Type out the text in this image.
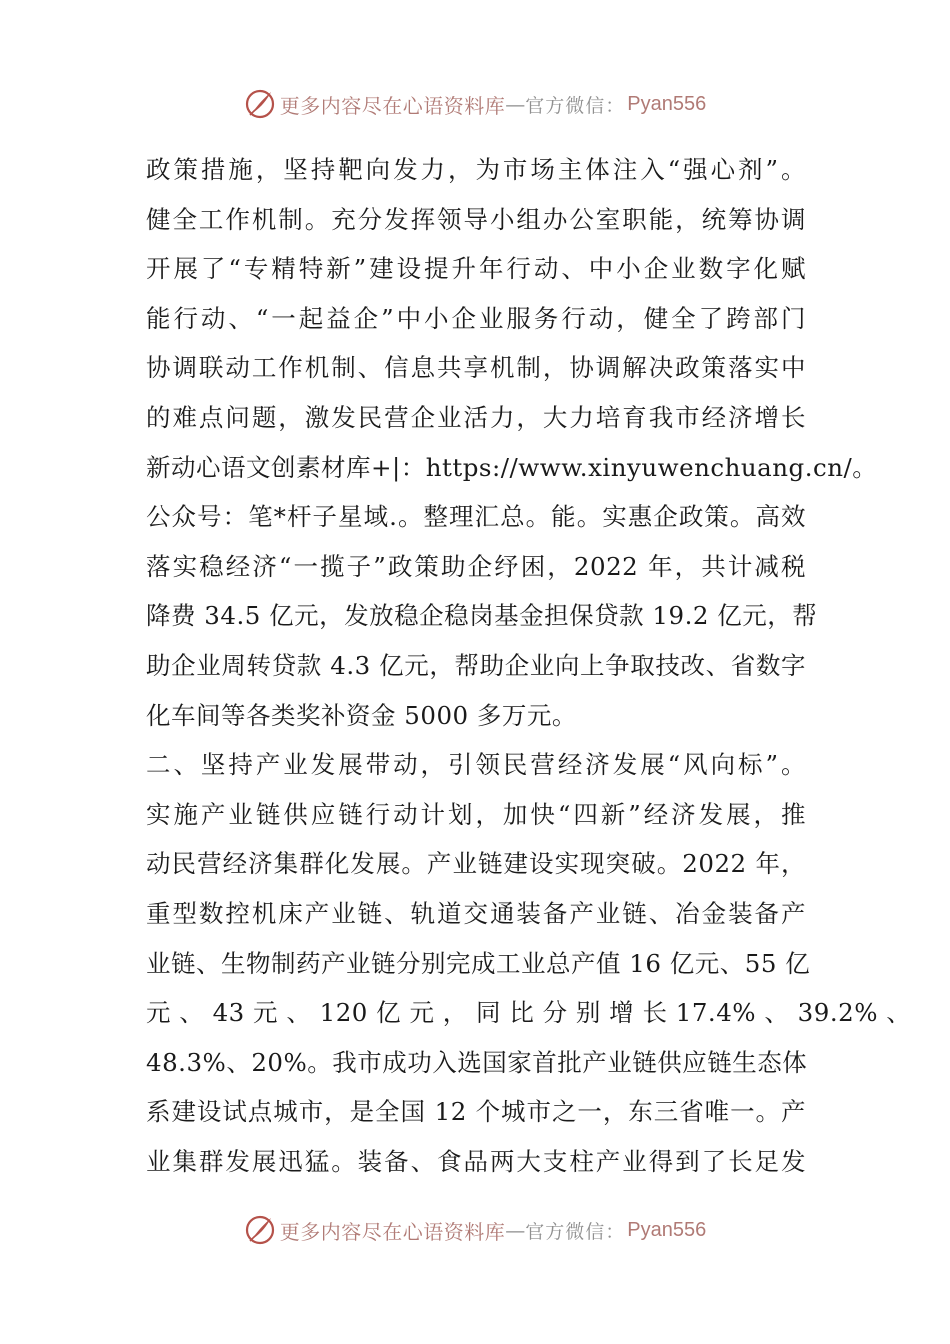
更多内容尽在心语资料库 — 官方微信： Pyan556
政策措施，坚持靶向发力，为市场主体注入“强心剂”。
健全工作机制。充分发挥领导小组办公室职能，统筹协调
开展了“专精特新”建设提升年行动、中小企业数字化赋
能行动、“一起益企”中小企业服务行动，健全了跨部门
协调联动工作机制、信息共享机制，协调解决政策落实中
的难点问题，激发民营企业活力，大力培育我市经济增长
新动心语文创素材库+|：https://www.xinyuwenchuang.cn/。
公众号：笔*杆子星域.。整理汇总。能。实惠企政策。高效
落实稳经济“一揽子”政策助企纾困，2022 年，共计减税
降费 34.5 亿元，发放稳企稳岗基金担保贷款 19.2 亿元，帮
助企业周转贷款 4.3 亿元，帮助企业向上争取技改、省数字
化车间等各类奖补资金 5000 多万元。
二、坚持产业发展带动，引领民营经济发展“风向标”。
实施产业链供应链行动计划，加快“四新”经济发展，推
动民营经济集群化发展。产业链建设实现突破。2022 年，
重型数控机床产业链、轨道交通装备产业链、冶金装备产
业链、生物制药产业链分别完成工业总产值 16 亿元、55 亿
元 、 43 元 、 120 亿 元 ， 同 比 分 别 增 长 17.4% 、 39.2% 、
48.3%、20%。我市成功入选国家首批产业链供应链生态体
系建设试点城市，是全国 12 个城市之一，东三省唯一。产
业集群发展迅猛。装备、食品两大支柱产业得到了长足发
更多内容尽在心语资料库 — 官方微信： Pyan556
